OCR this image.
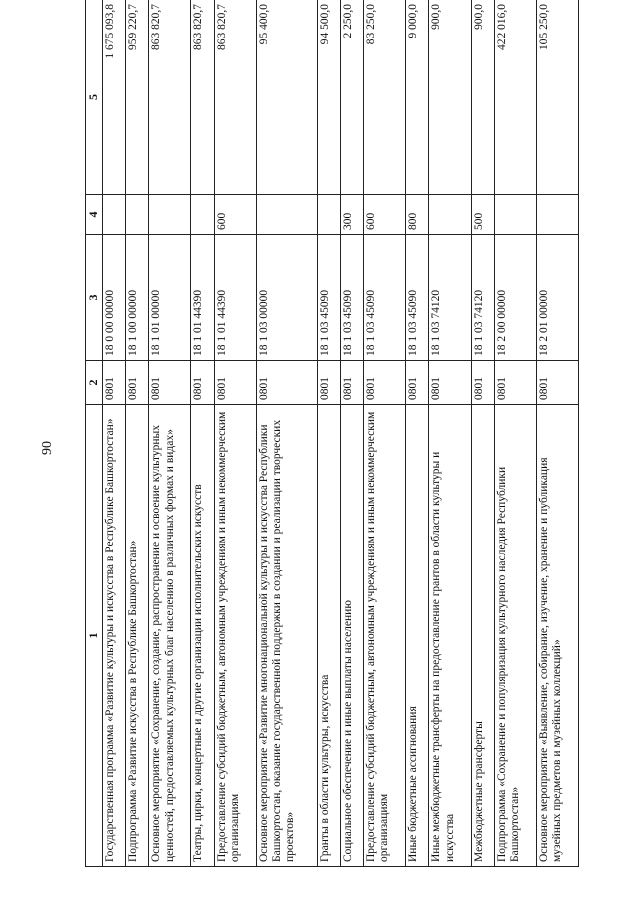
90
1	2	3	4	5
Государственная программа «Развитие культуры и искусства в Республике Башкортостан»	0801	18 0 00 00000		1 675 093,8
Подпрограмма «Развитие искусства в Республике Башкортостан»	0801	18 1 00 00000		959 220,7
Основное мероприятие «Сохранение, создание, распространение и освоение культурных ценностей, предоставляемых культурных благ населению в различных формах и видах»	0801	18 1 01 00000		863 820,7
Театры, цирки, концертные и другие организации исполнительских искусств	0801	18 1 01 44390		863 820,7
Предоставление субсидий бюджетным, автономным учреждениям и иным некоммерческим организациям	0801	18 1 01 44390	600	863 820,7
Основное мероприятие «Развитие многонациональной культуры и искусства Республики Башкортостан, оказание государственной поддержки в создании и реализации творческих проектов»	0801	18 1 03 00000		95 400,0
Гранты в области культуры, искусства	0801	18 1 03 45090		94 500,0
Социальное обеспечение и иные выплаты населению	0801	18 1 03 45090	300	2 250,0
Предоставление субсидий бюджетным, автономным учреждениям и иным некоммерческим организациям	0801	18 1 03 45090	600	83 250,0
Иные бюджетные ассигнования	0801	18 1 03 45090	800	9 000,0
Иные межбюджетные трансферты на предоставление грантов в области культуры и искусства	0801	18 1 03 74120		900,0
Межбюджетные трансферты	0801	18 1 03 74120	500	900,0
Подпрограмма «Сохранение и популяризация культурного наследия Республики Башкортостан»	0801	18 2 00 00000		422 016,0
Основное мероприятие «Выявление, собирание, изучение, хранение и публикация музейных предметов и музейных коллекций»	0801	18 2 01 00000		105 250,0
